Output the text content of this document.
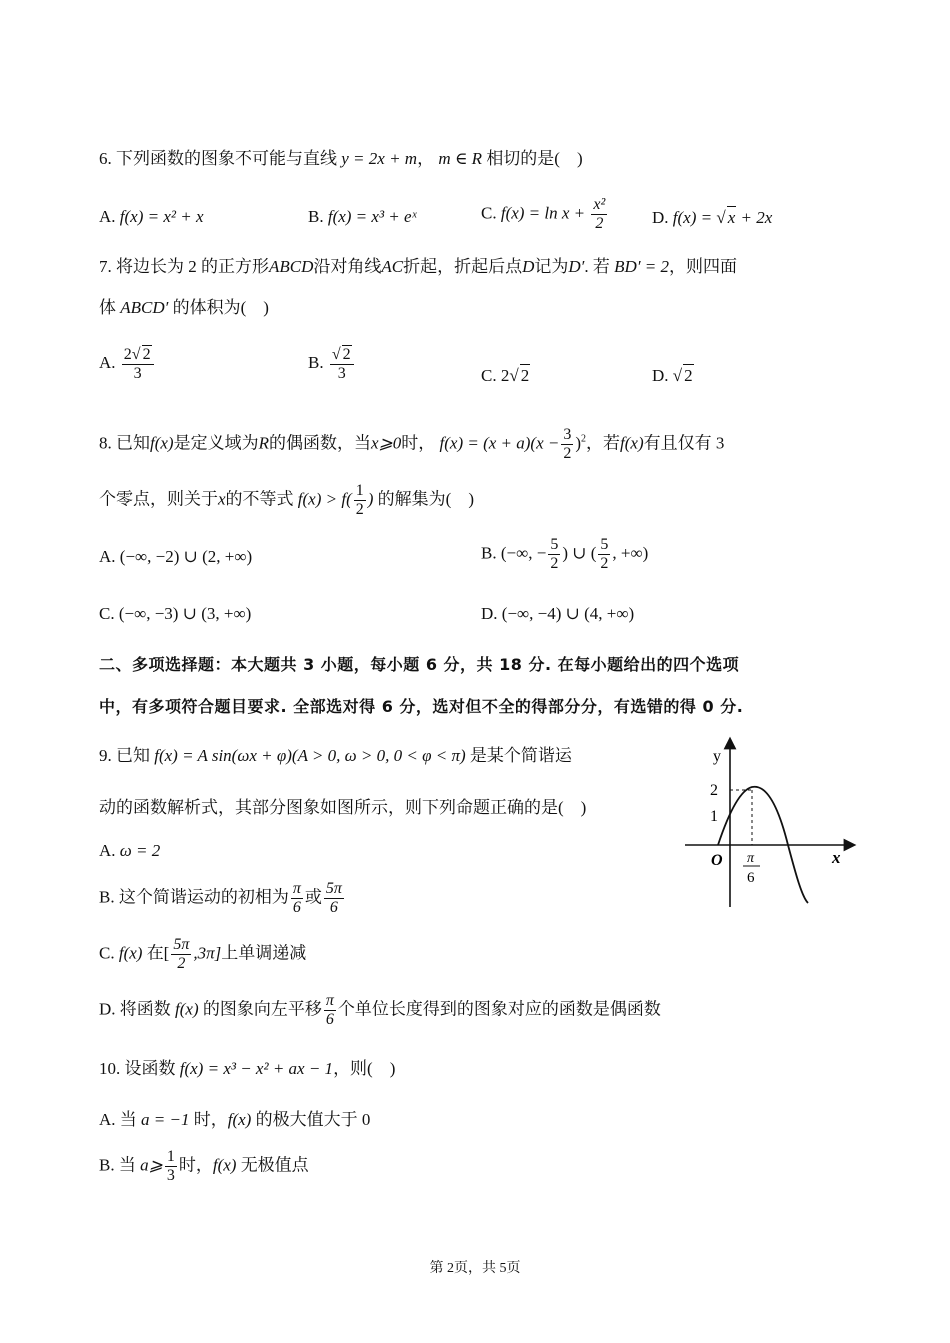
6. 下列函数的图象不可能与直线 y = 2x + m， m ∈ R 相切的是(　)
A. f(x) = x² + x	B. f(x) = x³ + eˣ	C. $f(x) = \ln x + \frac{\text{x²}}{2}$	D. f(x) = √ x + 2x
7. 将边长为 2 的正方形ABCD沿对角线AC折起，折起后点D记为D′. 若 BD′ = 2，则四面
体 ABCD′ 的体积为(　)
A. $\frac{2√ 2}{3}$	B. $\frac{√ 2}{3}$	C. 2√ 2	D. √ 2
8. 已知f(x)是定义域为R的偶函数，当x⩾0时， $f(x) = (x + a)(x - \frac{3}{2} )^2$，若f(x)有且仅有 3
个零点，则关于x的不等式 $f(x) > f( \frac{1}{2}$ ) 的解集为(　)
A. (−∞, −2) ∪ (2, +∞)	B. (−∞, − $\frac{5}{2}$ ) ∪ ( $\frac{5}{2}$ , +∞)
C. (−∞, −3) ∪ (3, +∞)	D. (−∞, −4) ∪ (4, +∞)
二、多项选择题：本大题共 3 小题，每小题 6 分，共 18 分. 在每小题给出的四个选项
中，有多项符合题目要求. 全部选对得 6 分，选对但不全的得部分分，有选错的得 0 分.
9. 已知 f(x) = A sin(ωx + φ)(A > 0, ω > 0, 0 < φ < π) 是某个简谐运
动的函数解析式，其部分图象如图所示，则下列命题正确的是(　)
A. ω = 2
B. 这个简谐运动的初相为 $\frac{\pi}{6}$ 或 $\frac{5\pi}{6}$
C. f(x) 在[ $\frac{5\pi}{2} ,3\pi$]上单调递减
D. 将函数 f(x) 的图象向左平移 $\frac{\pi}{6}$ 个单位长度得到的图象对应的函数是偶函数
y
x
O
2
1
π
6
10. 设函数 f(x) = x³ − x² + ax − 1，则(　)
A. 当 a = −1 时，f(x) 的极大值大于 0
B. 当 a⩾ $\frac{1}{3}$ 时，f(x) 无极值点
第 2页，共 5页
